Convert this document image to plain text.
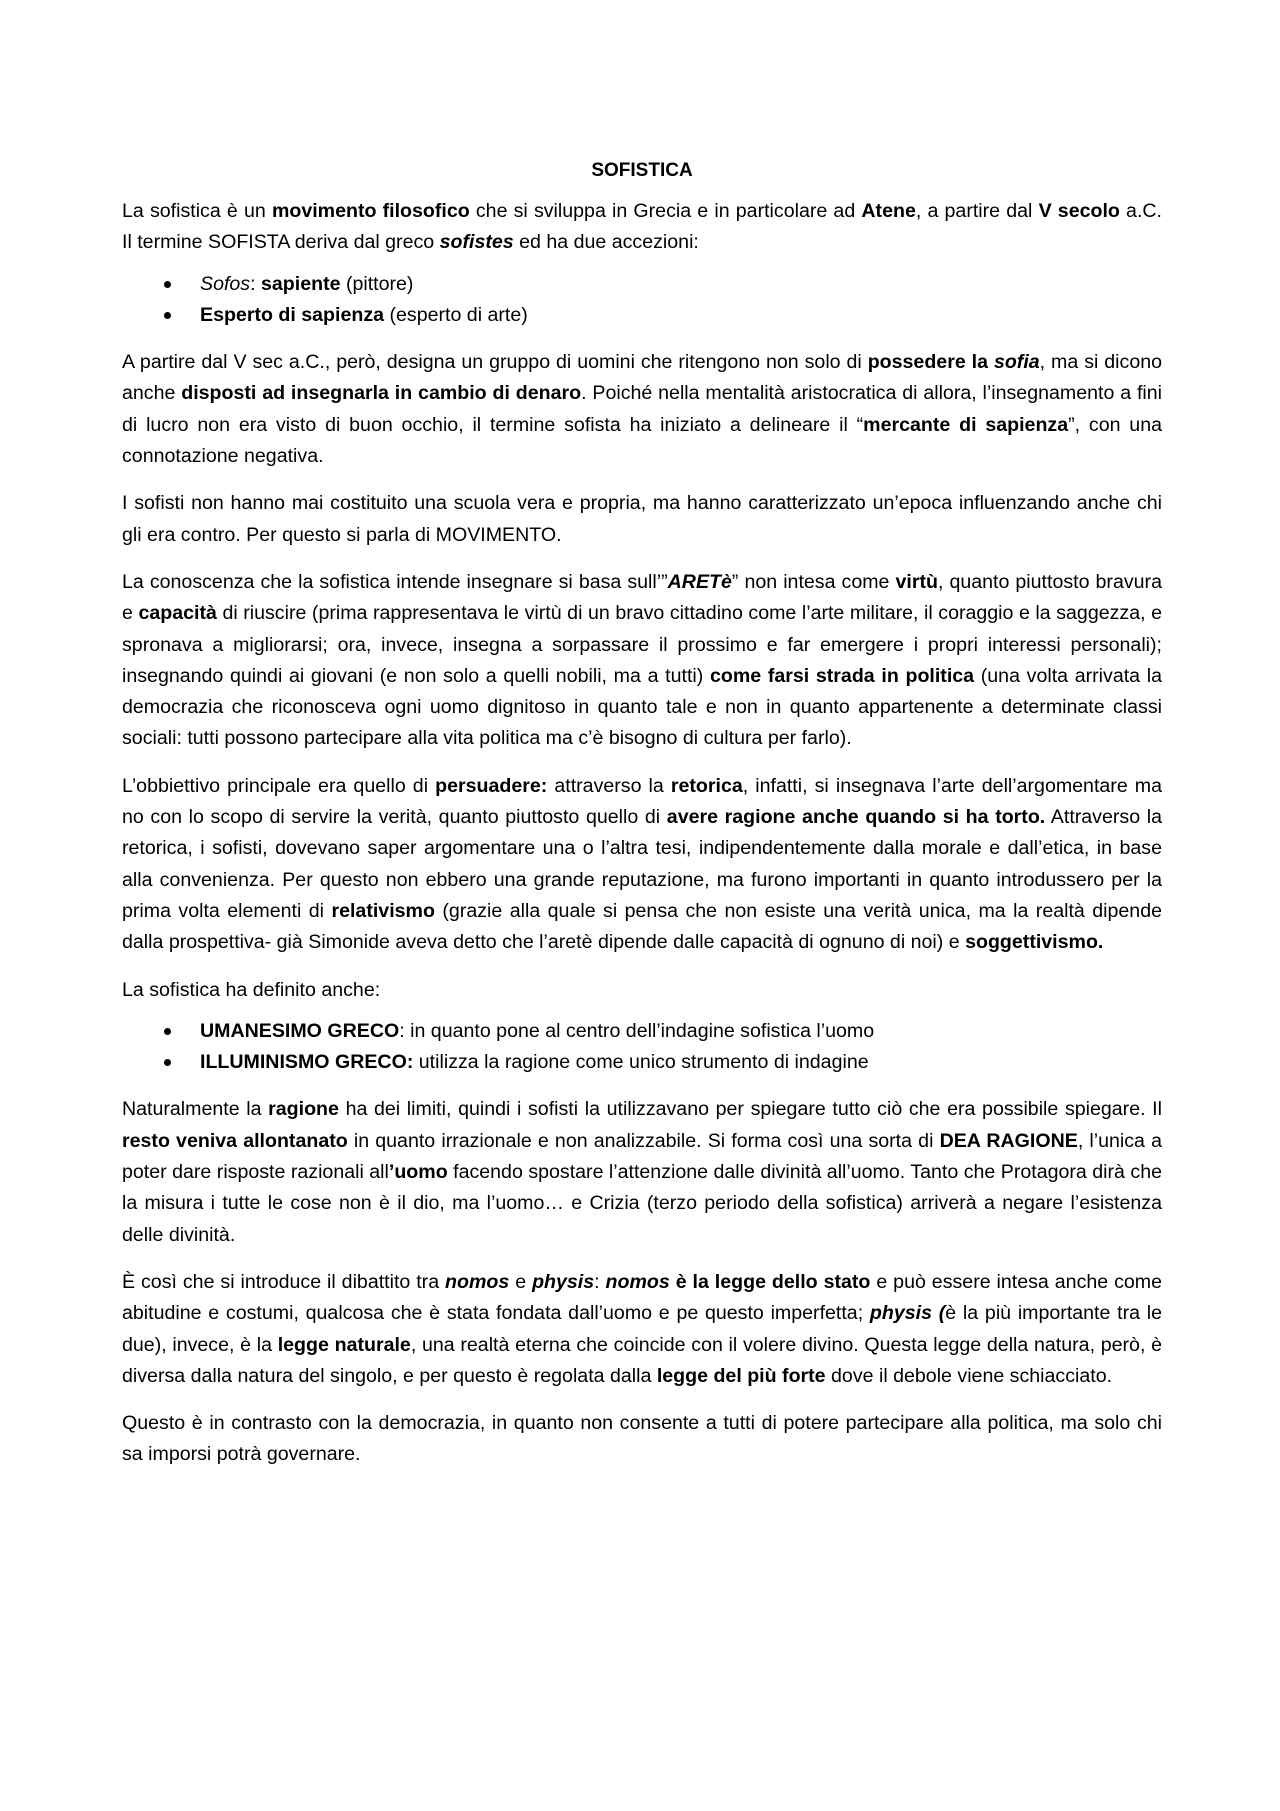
SOFISTICA

La sofistica è un movimento filosofico che si sviluppa in Grecia e in particolare ad Atene, a partire dal V secolo a.C. Il termine SOFISTA deriva dal greco sofistes ed ha due accezioni:

Sofos: sapiente (pittore)
Esperto di sapienza (esperto di arte)

A partire dal V sec a.C., però, designa un gruppo di uomini che ritengono non solo di possedere la sofia, ma si dicono anche disposti ad insegnarla in cambio di denaro. Poiché nella mentalità aristocratica di allora, l’insegnamento a fini di lucro non era visto di buon occhio, il termine sofista ha iniziato a delineare il “mercante di sapienza”, con una connotazione negativa.

I sofisti non hanno mai costituito una scuola vera e propria, ma hanno caratterizzato un’epoca influenzando anche chi gli era contro. Per questo si parla di MOVIMENTO.

La conoscenza che la sofistica intende insegnare si basa sull’”ARETè” non intesa come virtù, quanto piuttosto bravura e capacità di riuscire (prima rappresentava le virtù di un bravo cittadino come l’arte militare, il coraggio e la saggezza, e spronava a migliorarsi; ora, invece, insegna a sorpassare il prossimo e far emergere i propri interessi personali); insegnando quindi ai giovani (e non solo a quelli nobili, ma a tutti) come farsi strada in politica (una volta arrivata la democrazia che riconosceva ogni uomo dignitoso in quanto tale e non in quanto appartenente a determinate classi sociali: tutti possono partecipare alla vita politica ma c’è bisogno di cultura per farlo).

L’obbiettivo principale era quello di persuadere: attraverso la retorica, infatti, si insegnava l’arte dell’argomentare ma no con lo scopo di servire la verità, quanto piuttosto quello di avere ragione anche quando si ha torto. Attraverso la retorica, i sofisti, dovevano saper argomentare una o l’altra tesi, indipendentemente dalla morale e dall’etica, in base alla convenienza. Per questo non ebbero una grande reputazione, ma furono importanti in quanto introdussero per la prima volta elementi di relativismo (grazie alla quale si pensa che non esiste una verità unica, ma la realtà dipende dalla prospettiva- già Simonide aveva detto che l’aretè dipende dalle capacità di ognuno di noi) e soggettivismo.

La sofistica ha definito anche:

UMANESIMO GRECO: in quanto pone al centro dell’indagine sofistica l’uomo
ILLUMINISMO GRECO: utilizza la ragione come unico strumento di indagine

Naturalmente la ragione ha dei limiti, quindi i sofisti la utilizzavano per spiegare tutto ciò che era possibile spiegare. Il resto veniva allontanato in quanto irrazionale e non analizzabile. Si forma così una sorta di DEA RAGIONE, l’unica a poter dare risposte razionali all’uomo facendo spostare l’attenzione dalle divinità all’uomo. Tanto che Protagora dirà che la misura i tutte le cose non è il dio, ma l’uomo… e Crizia (terzo periodo della sofistica) arriverà a negare l’esistenza delle divinità.

È così che si introduce il dibattito tra nomos e physis: nomos è la legge dello stato e può essere intesa anche come abitudine e costumi, qualcosa che è stata fondata dall’uomo e pe questo imperfetta; physis (è la più importante tra le due), invece, è la legge naturale, una realtà eterna che coincide con il volere divino. Questa legge della natura, però, è diversa dalla natura del singolo, e per questo è regolata dalla legge del più forte dove il debole viene schiacciato.

Questo è in contrasto con la democrazia, in quanto non consente a tutti di potere partecipare alla politica, ma solo chi sa imporsi potrà governare.
